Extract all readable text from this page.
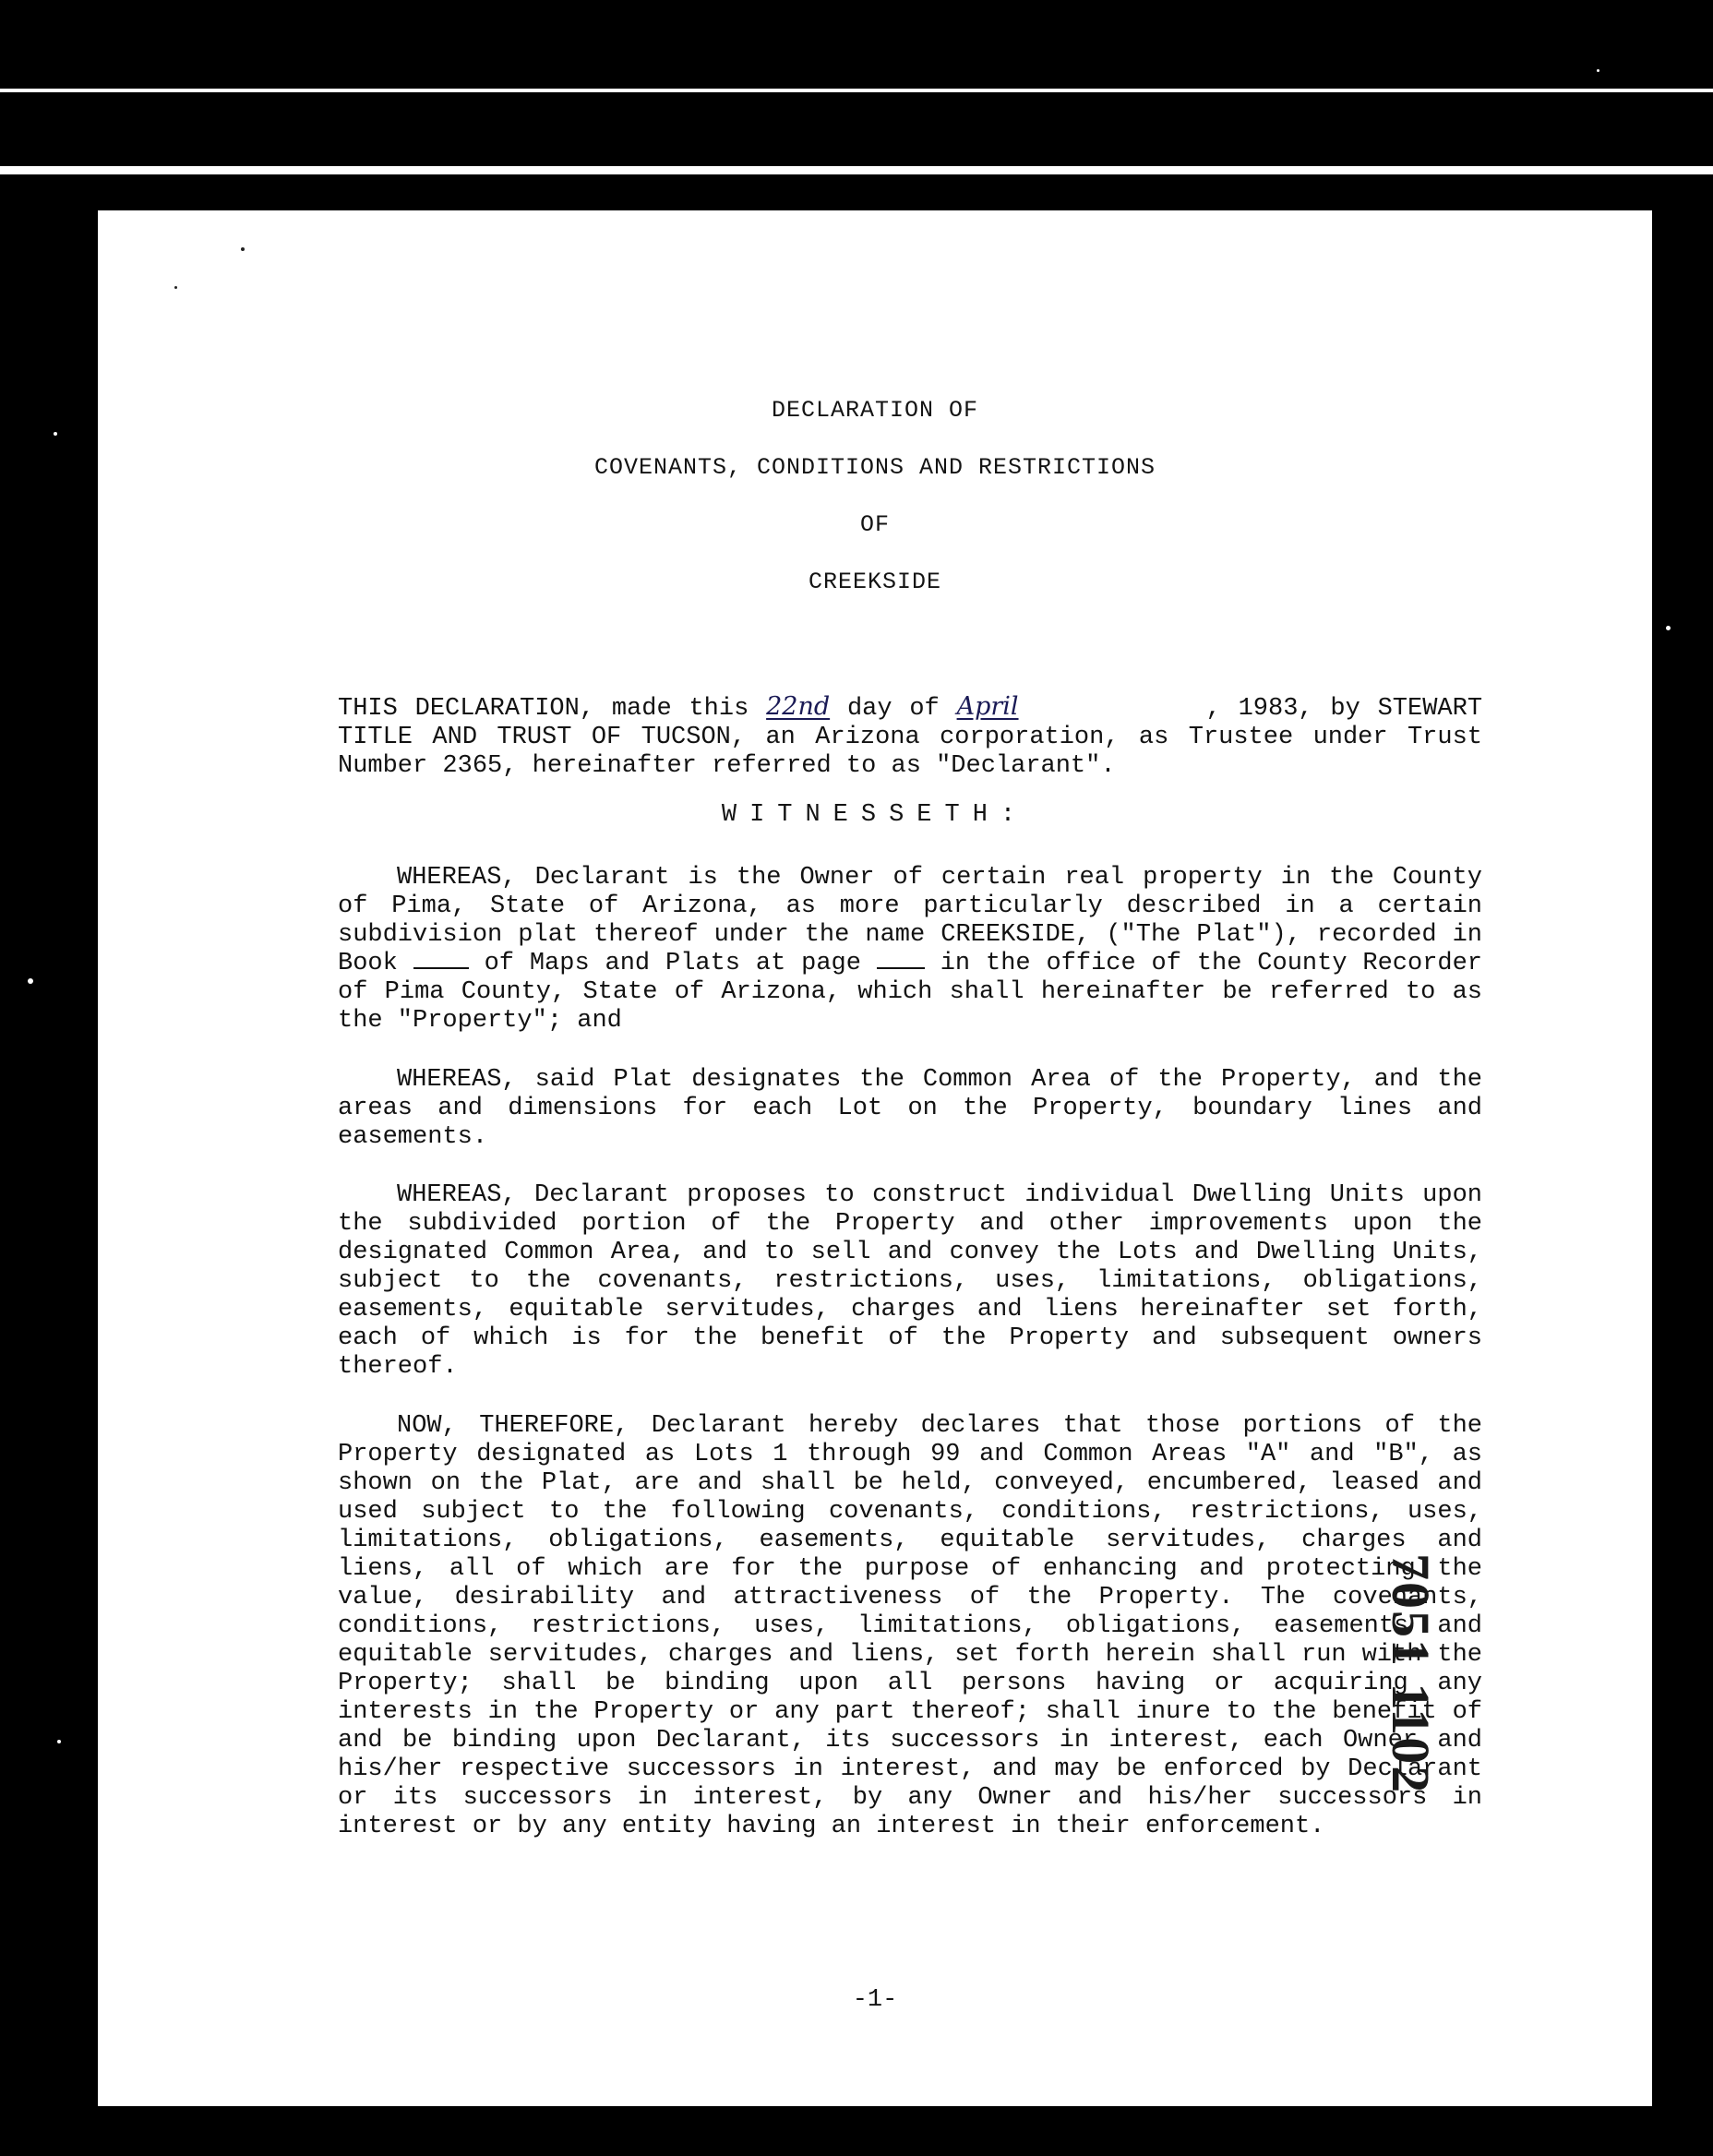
DECLARATION OF
COVENANTS, CONDITIONS AND RESTRICTIONS
OF
CREEKSIDE
THIS DECLARATION, made this 22nd day of April	, 1983, by STEWART TITLE AND TRUST OF TUCSON, an Arizona corporation, as Trustee under Trust Number 2365, hereinafter referred to as "Declarant".
WITNESSETH:
WHEREAS, Declarant is the Owner of certain real property in the County of Pima, State of Arizona, as more particularly described in a certain subdivision plat thereof under the name CREEKSIDE, ("The Plat"), recorded in Book	of Maps and Plats at page	in the office of the County Recorder of Pima County, State of Arizona, which shall hereinafter be referred to as the "Property"; and
WHEREAS, said Plat designates the Common Area of the Property, and the areas and dimensions for each Lot on the Property, boundary lines and easements.
WHEREAS, Declarant proposes to construct individual Dwelling Units upon the subdivided portion of the Property and other improvements upon the designated Common Area, and to sell and convey the Lots and Dwelling Units, subject to the covenants, restrictions, uses, limitations, obligations, easements, equitable servitudes, charges and liens hereinafter set forth, each of which is for the benefit of the Property and subsequent owners thereof.
NOW, THEREFORE, Declarant hereby declares that those portions of the Property designated as Lots 1 through 99 and Common Areas "A" and "B", as shown on the Plat, are and shall be held, conveyed, encumbered, leased and used subject to the following covenants, conditions, restrictions, uses, limitations, obligations, easements, equitable servitudes, charges and liens, all of which are for the purpose of enhancing and protecting the value, desirability and attractiveness of the Property. The covenants, conditions, restrictions, uses, limitations, obligations, easements and equitable servitudes, charges and liens, set forth herein shall run with the Property; shall be binding upon all persons having or acquiring any interests in the Property or any part thereof; shall inure to the benefit of and be binding upon Declarant, its successors in interest, each Owner and his/her respective successors in interest, and may be enforced by Declarant or its successors in interest, by any Owner and his/her successors in interest or by any entity having an interest in their enforcement.
7051 1102
-1-
